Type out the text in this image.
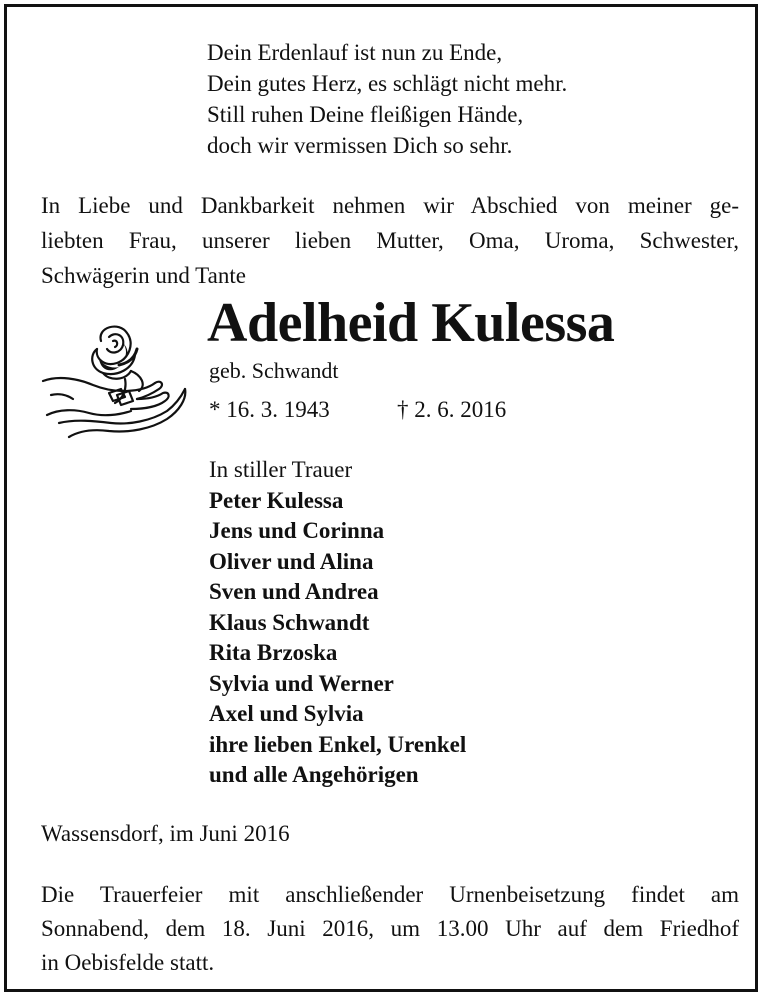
Dein Erdenlauf ist nun zu Ende,
Dein gutes Herz, es schlägt nicht mehr.
Still ruhen Deine fleißigen Hände,
doch wir vermissen Dich so sehr.
In Liebe und Dankbarkeit nehmen wir Abschied von meiner ge-
liebten Frau, unserer lieben Mutter, Oma, Uroma, Schwester,
Schwägerin und Tante
Adelheid Kulessa
geb. Schwandt
* 16. 3. 1943	† 2. 6. 2016
In stiller Trauer
Peter Kulessa
Jens und Corinna
Oliver und Alina
Sven und Andrea
Klaus Schwandt
Rita Brzoska
Sylvia und Werner
Axel und Sylvia
ihre lieben Enkel, Urenkel
und alle Angehörigen
Wassensdorf, im Juni 2016
Die Trauerfeier mit anschließender Urnenbeisetzung findet am
Sonnabend, dem 18. Juni 2016, um 13.00 Uhr auf dem Friedhof
in Oebisfelde statt.
